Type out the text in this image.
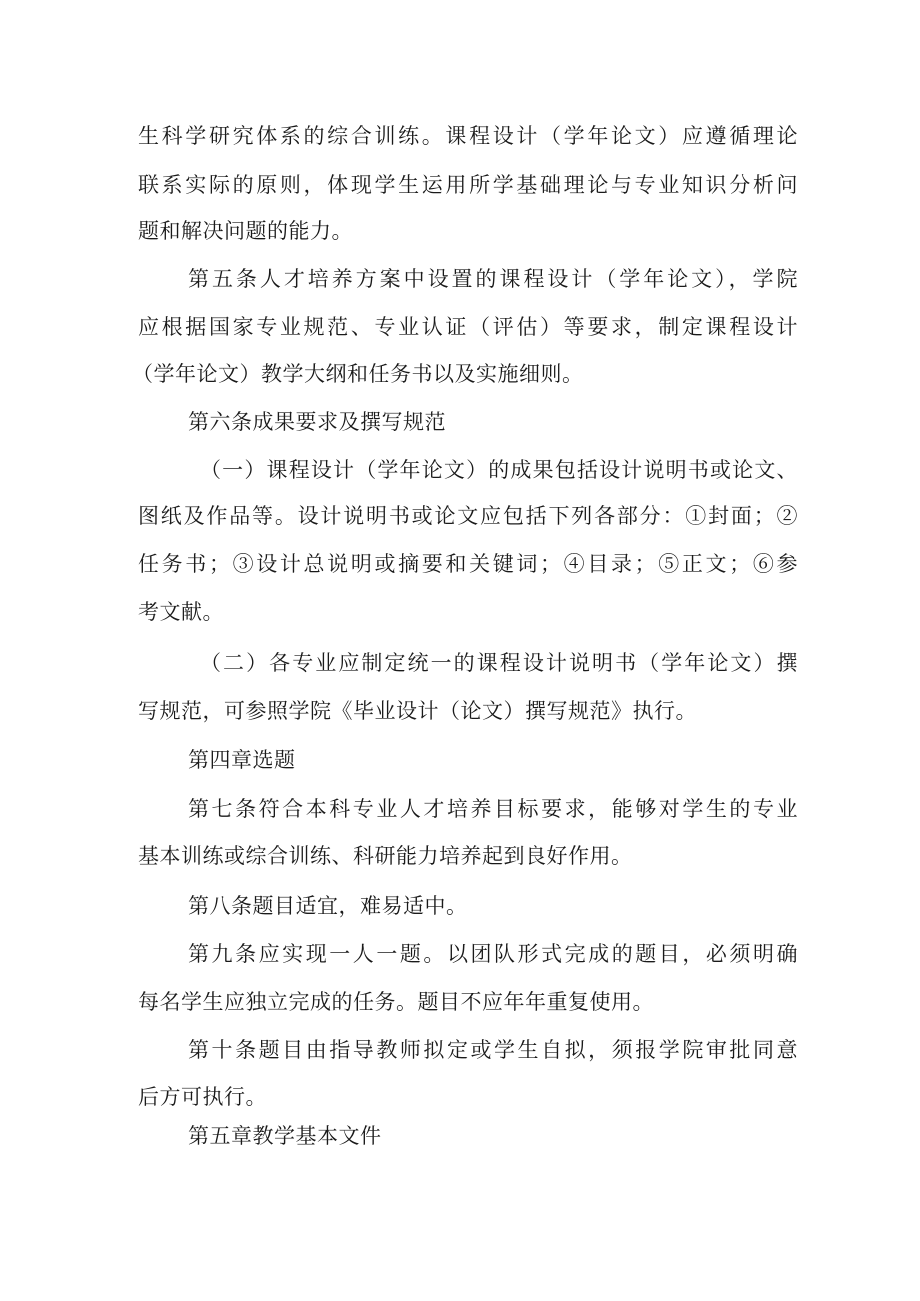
生科学研究体系的综合训练。课程设计（学年论文）应遵循理论
联系实际的原则，体现学生运用所学基础理论与专业知识分析问
题和解决问题的能力。
第五条人才培养方案中设置的课程设计（学年论文），学院
应根据国家专业规范、专业认证（评估）等要求，制定课程设计
（学年论文）教学大纲和任务书以及实施细则。
第六条成果要求及撰写规范
（一）课程设计（学年论文）的成果包括设计说明书或论文、
图纸及作品等。设计说明书或论文应包括下列各部分：①封面；②
任务书；③设计总说明或摘要和关键词；④目录；⑤正文；⑥参
考文献。
（二）各专业应制定统一的课程设计说明书（学年论文）撰
写规范，可参照学院《毕业设计（论文）撰写规范》执行。
第四章选题
第七条符合本科专业人才培养目标要求，能够对学生的专业
基本训练或综合训练、科研能力培养起到良好作用。
第八条题目适宜，难易适中。
第九条应实现一人一题。以团队形式完成的题目，必须明确
每名学生应独立完成的任务。题目不应年年重复使用。
第十条题目由指导教师拟定或学生自拟，须报学院审批同意
后方可执行。
第五章教学基本文件
